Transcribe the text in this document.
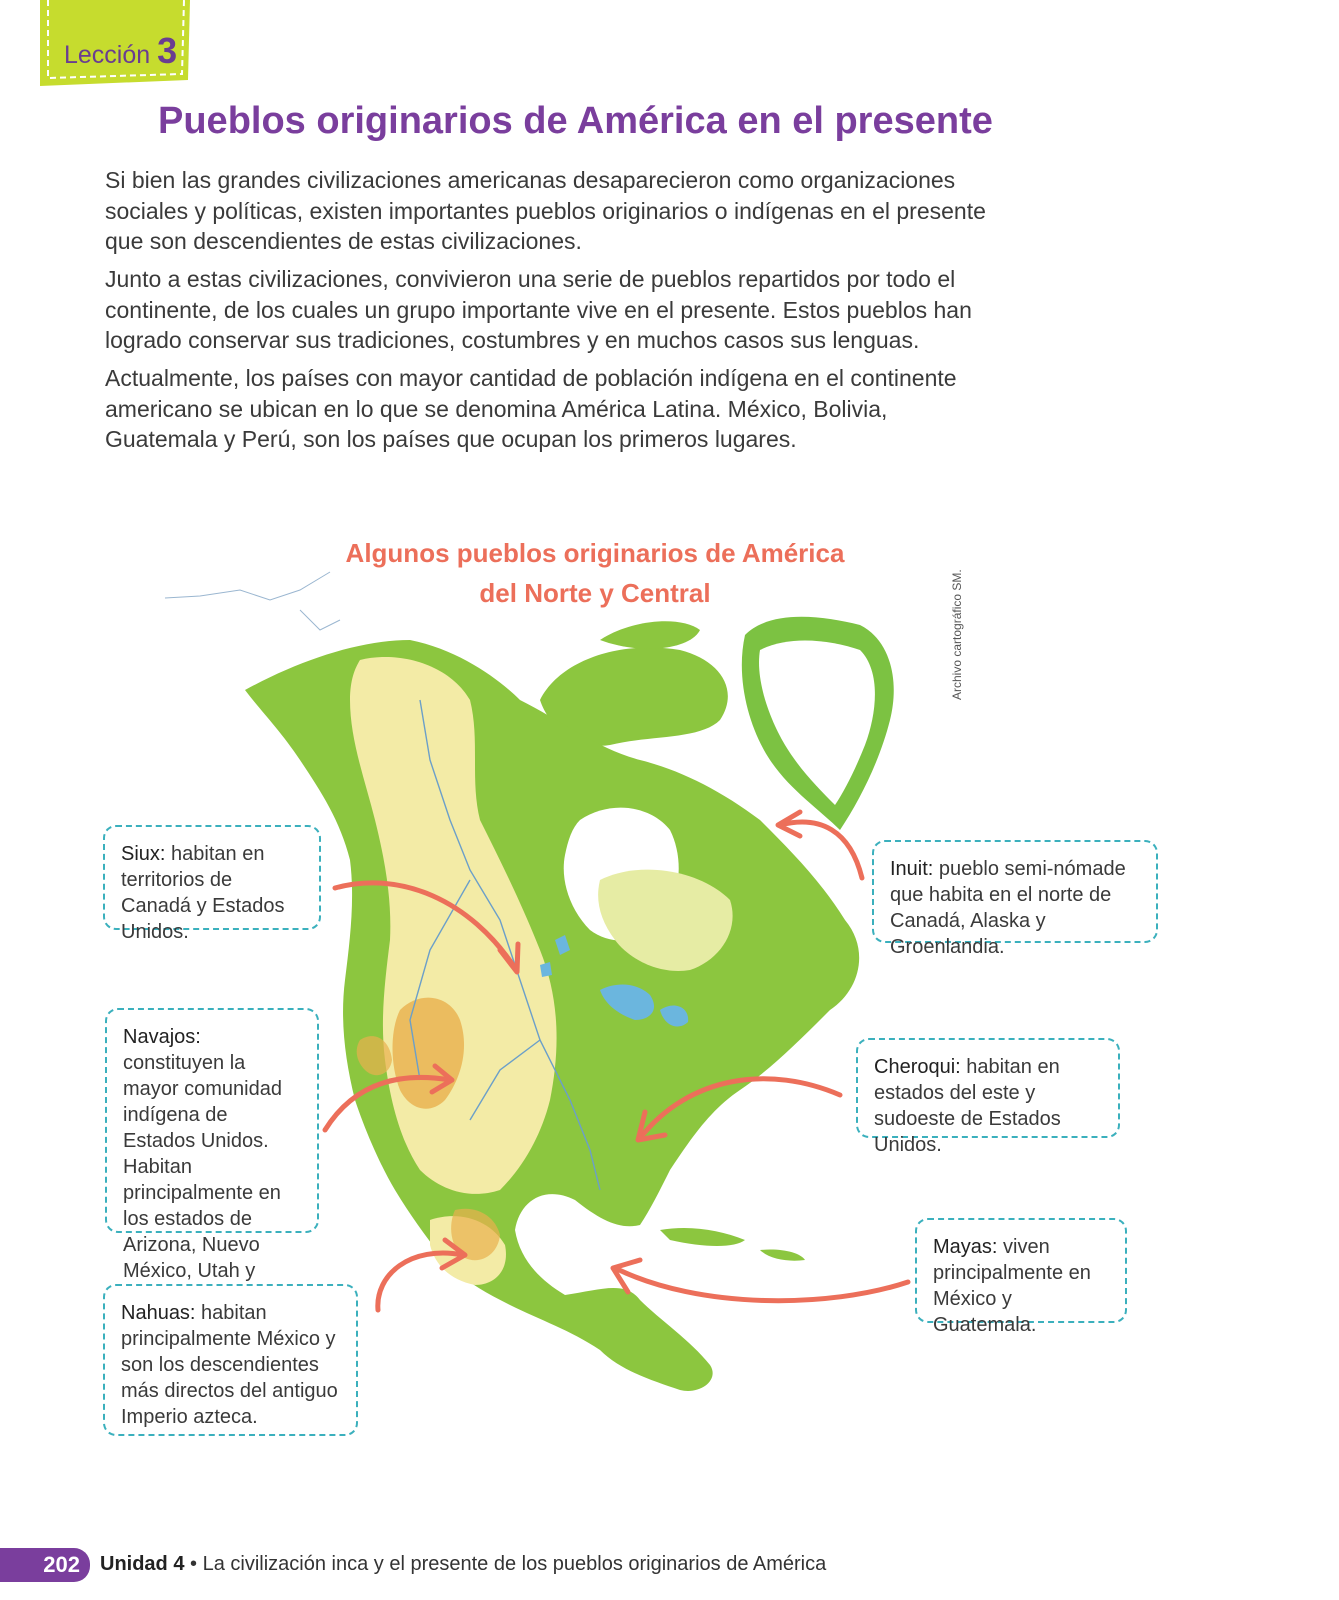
Lección 3
Pueblos originarios de América en el presente

Si bien las grandes civilizaciones americanas desaparecieron como organizaciones sociales y políticas, existen importantes pueblos originarios o indígenas en el presente que son descendientes de estas civilizaciones.

Junto a estas civilizaciones, convivieron una serie de pueblos repartidos por todo el continente, de los cuales un grupo importante vive en el presente. Estos pueblos han logrado conservar sus tradiciones, costumbres y en muchos casos sus lenguas.

Actualmente, los países con mayor cantidad de población indígena en el continente americano se ubican en lo que se denomina América Latina. México, Bolivia, Guatemala y Perú, son los países que ocupan los primeros lugares.

Algunos pueblos originarios de América
del Norte y Central	Archivo cartográfico SM.
Siux: habitan en territorios de Canadá y Estados Unidos.
Inuit: pueblo semi-nómade que habita en el norte de Canadá, Alaska y Groenlandia.
Navajos: constituyen la mayor comunidad indígena de Estados Unidos. Habitan principalmente en los estados de Arizona, Nuevo México, Utah y
Cheroqui: habitan en estados del este y sudoeste de Estados Unidos.
Mayas: viven principalmente en México y Guatemala.
Nahuas: habitan principalmente México y son los descendientes más directos del antiguo Imperio azteca.
202	Unidad 4 • La civilización inca y el presente de los pueblos originarios de América
